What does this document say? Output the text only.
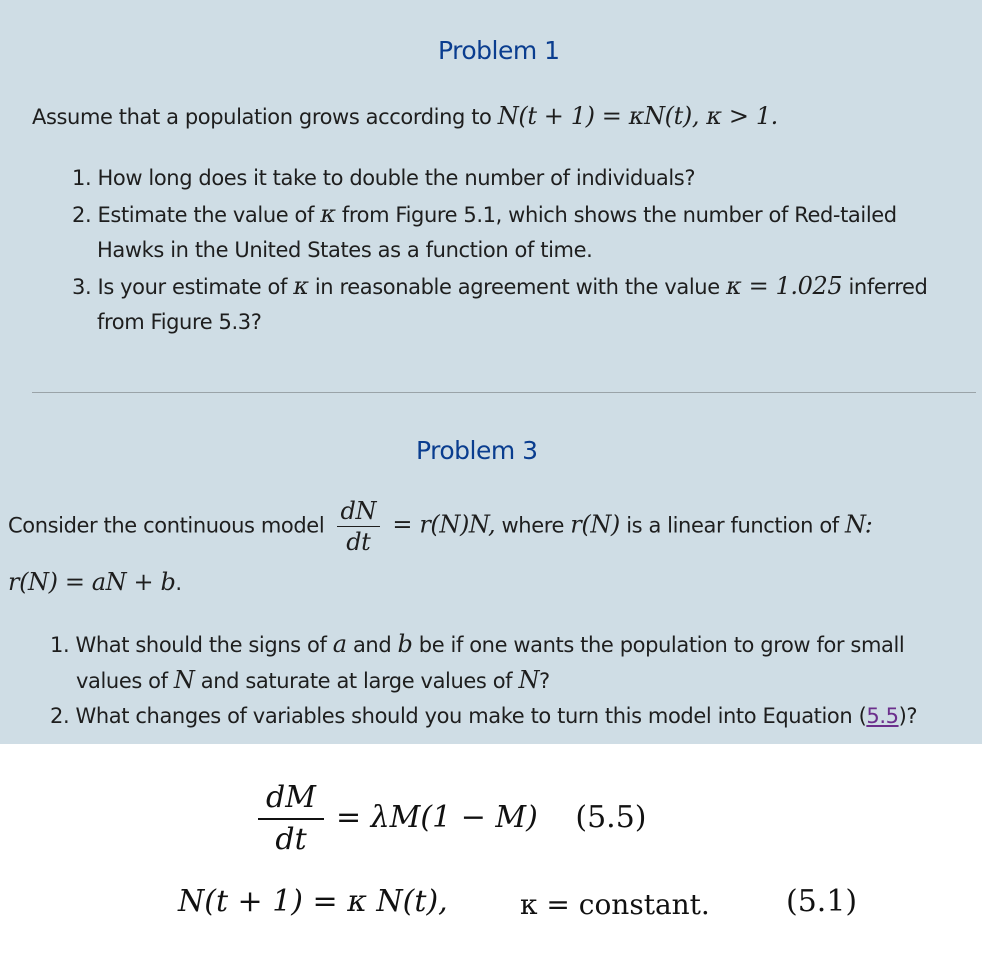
Problem 1
Assume that a population grows according to N(t + 1) = κN(t), κ > 1.
1. How long does it take to double the number of individuals?
2. Estimate the value of κ from Figure 5.1, which shows the number of Red-tailed
Hawks in the United States as a function of time.
3. Is your estimate of κ in reasonable agreement with the value κ = 1.025 inferred
from Figure 5.3?
Problem 3
Consider the continuous model $\frac{dN}{dt} = r(N)N$, where r(N) is a linear function of N:
r(N) = aN + b.
1. What should the signs of a and b be if one wants the population to grow for small
values of N and saturate at large values of N?
2. What changes of variables should you make to turn this model into Equation (5.5)?
$\frac{dM}{dt} = \lambda M(1 - M)$ (5.5)
N(t + 1) = κ N(t),	κ = constant.	(5.1)
